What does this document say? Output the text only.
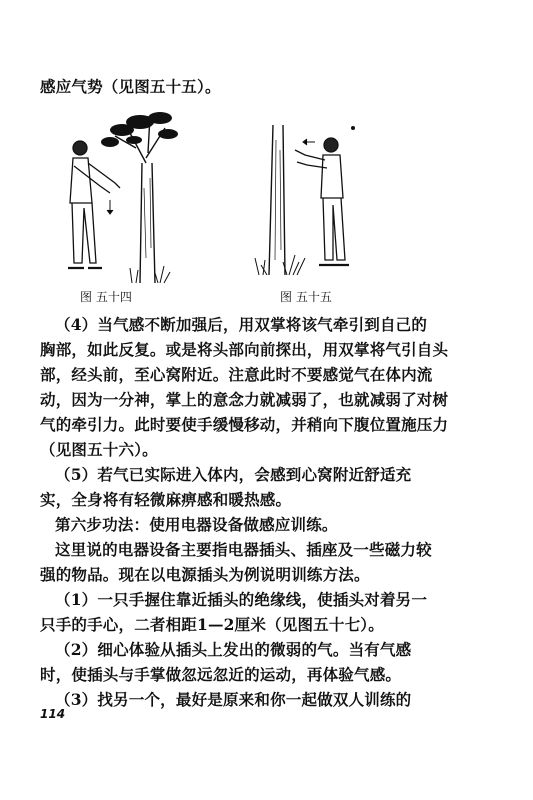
感应气势（见图五十五）。
图 五十四	图 五十五
（4）当气感不断加强后，用双掌将该气牵引到自己的
胸部，如此反复。或是将头部向前探出，用双掌将气引自头
部，经头前，至心窝附近。注意此时不要感觉气在体内流
动，因为一分神，掌上的意念力就减弱了，也就减弱了对树
气的牵引力。此时要使手缓慢移动，并稍向下腹位置施压力
（见图五十六）。
（5）若气已实际进入体内，会感到心窝附近舒适充
实，全身将有轻微麻痹感和暖热感。
第六步功法：使用电器设备做感应训练。
这里说的电器设备主要指电器插头、插座及一些磁力较
强的物品。现在以电源插头为例说明训练方法。
（1）一只手握住靠近插头的绝缘线，使插头对着另一
只手的手心，二者相距1—2厘米（见图五十七）。
（2）细心体验从插头上发出的微弱的气。当有气感
时，使插头与手掌做忽远忽近的运动，再体验气感。
（3）找另一个，最好是原来和你一起做双人训练的
114
